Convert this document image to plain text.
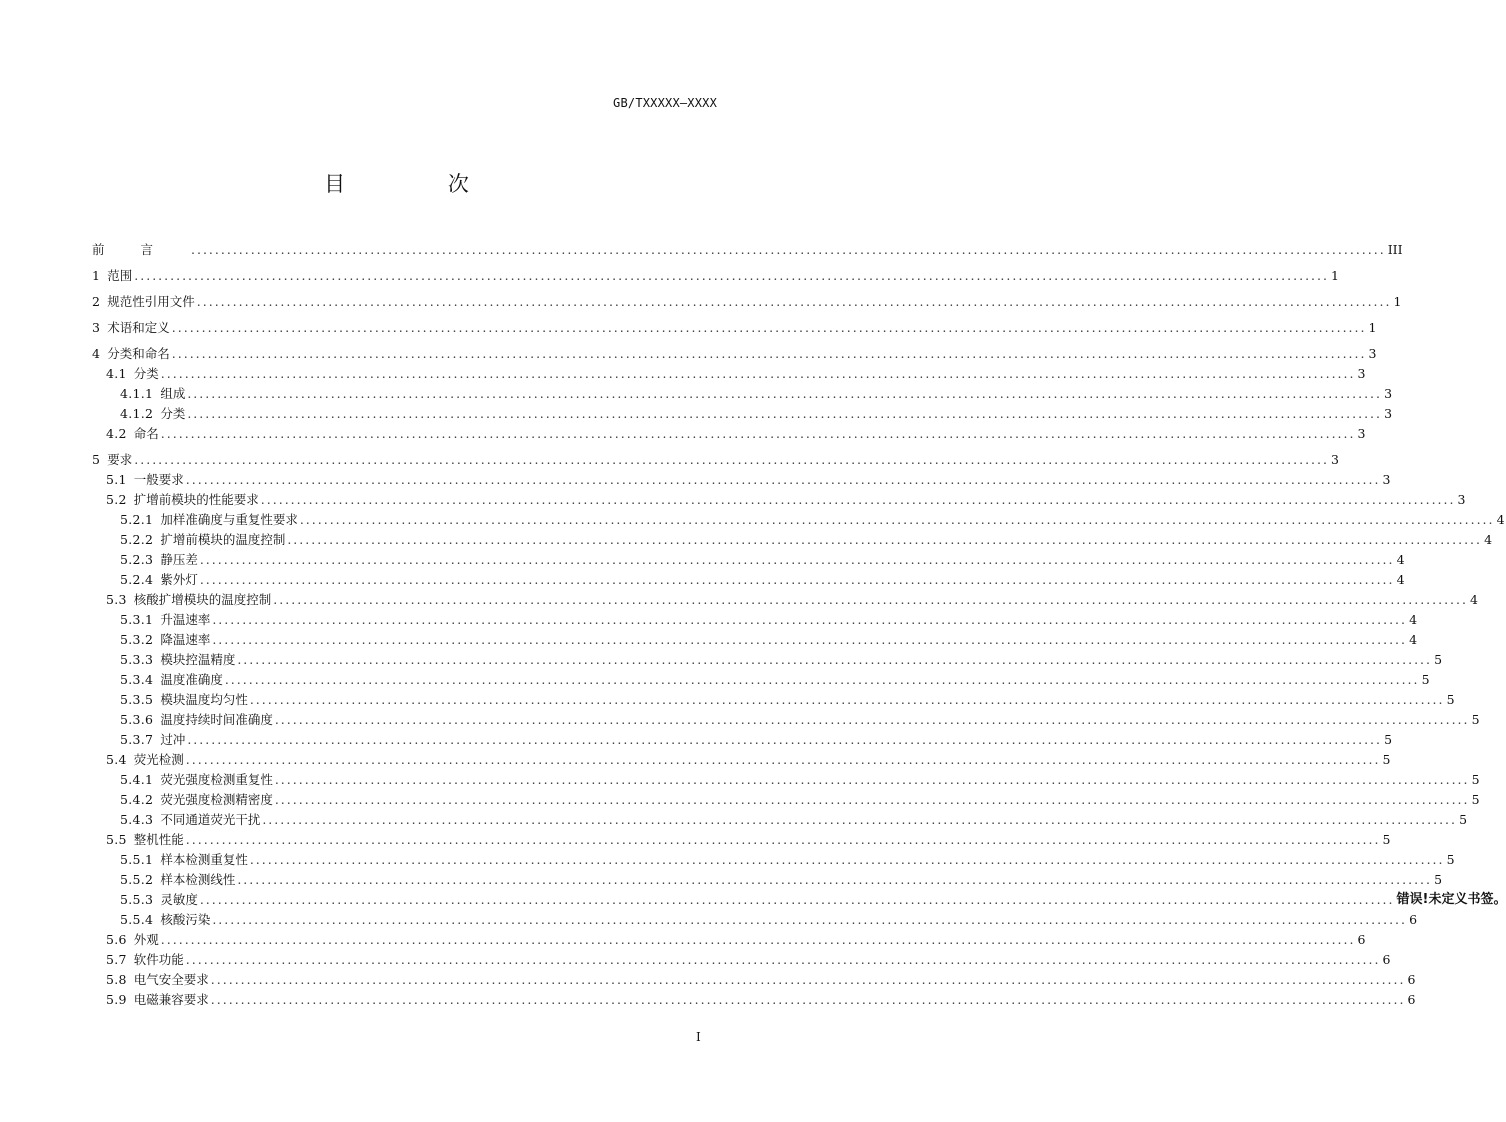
GB/TXXXXX—XXXX
目 次
前言 ........................................................................................................................................................................................................ III
1 范围 ........................................................................................................................................................................................................ 1
2 规范性引用文件 ........................................................................................................................................................................................................ 1
3 术语和定义 ........................................................................................................................................................................................................ 1
4 分类和命名 ........................................................................................................................................................................................................ 3
4.1 分类 ........................................................................................................................................................................................................ 3
4.1.1 组成 ........................................................................................................................................................................................................ 3
4.1.2 分类 ........................................................................................................................................................................................................ 3
4.2 命名 ........................................................................................................................................................................................................ 3
5 要求 ........................................................................................................................................................................................................ 3
5.1 一般要求 ........................................................................................................................................................................................................ 3
5.2 扩增前模块的性能要求 ........................................................................................................................................................................................................ 3
5.2.1 加样准确度与重复性要求 ........................................................................................................................................................................................................ 4
5.2.2 扩增前模块的温度控制 ........................................................................................................................................................................................................ 4
5.2.3 静压差 ........................................................................................................................................................................................................ 4
5.2.4 紫外灯 ........................................................................................................................................................................................................ 4
5.3 核酸扩增模块的温度控制 ........................................................................................................................................................................................................ 4
5.3.1 升温速率 ........................................................................................................................................................................................................ 4
5.3.2 降温速率 ........................................................................................................................................................................................................ 4
5.3.3 模块控温精度 ........................................................................................................................................................................................................ 5
5.3.4 温度准确度 ........................................................................................................................................................................................................ 5
5.3.5 模块温度均匀性 ........................................................................................................................................................................................................ 5
5.3.6 温度持续时间准确度 ........................................................................................................................................................................................................ 5
5.3.7 过冲 ........................................................................................................................................................................................................ 5
5.4 荧光检测 ........................................................................................................................................................................................................ 5
5.4.1 荧光强度检测重复性 ........................................................................................................................................................................................................ 5
5.4.2 荧光强度检测精密度 ........................................................................................................................................................................................................ 5
5.4.3 不同通道荧光干扰 ........................................................................................................................................................................................................ 5
5.5 整机性能 ........................................................................................................................................................................................................ 5
5.5.1 样本检测重复性 ........................................................................................................................................................................................................ 5
5.5.2 样本检测线性 ........................................................................................................................................................................................................ 5
5.5.3 灵敏度 ........................................................................................................................................................................................................ 错误!未定义书签。
5.5.4 核酸污染 ........................................................................................................................................................................................................ 6
5.6 外观 ........................................................................................................................................................................................................ 6
5.7 软件功能 ........................................................................................................................................................................................................ 6
5.8 电气安全要求 ........................................................................................................................................................................................................ 6
5.9 电磁兼容要求 ........................................................................................................................................................................................................ 6
I
